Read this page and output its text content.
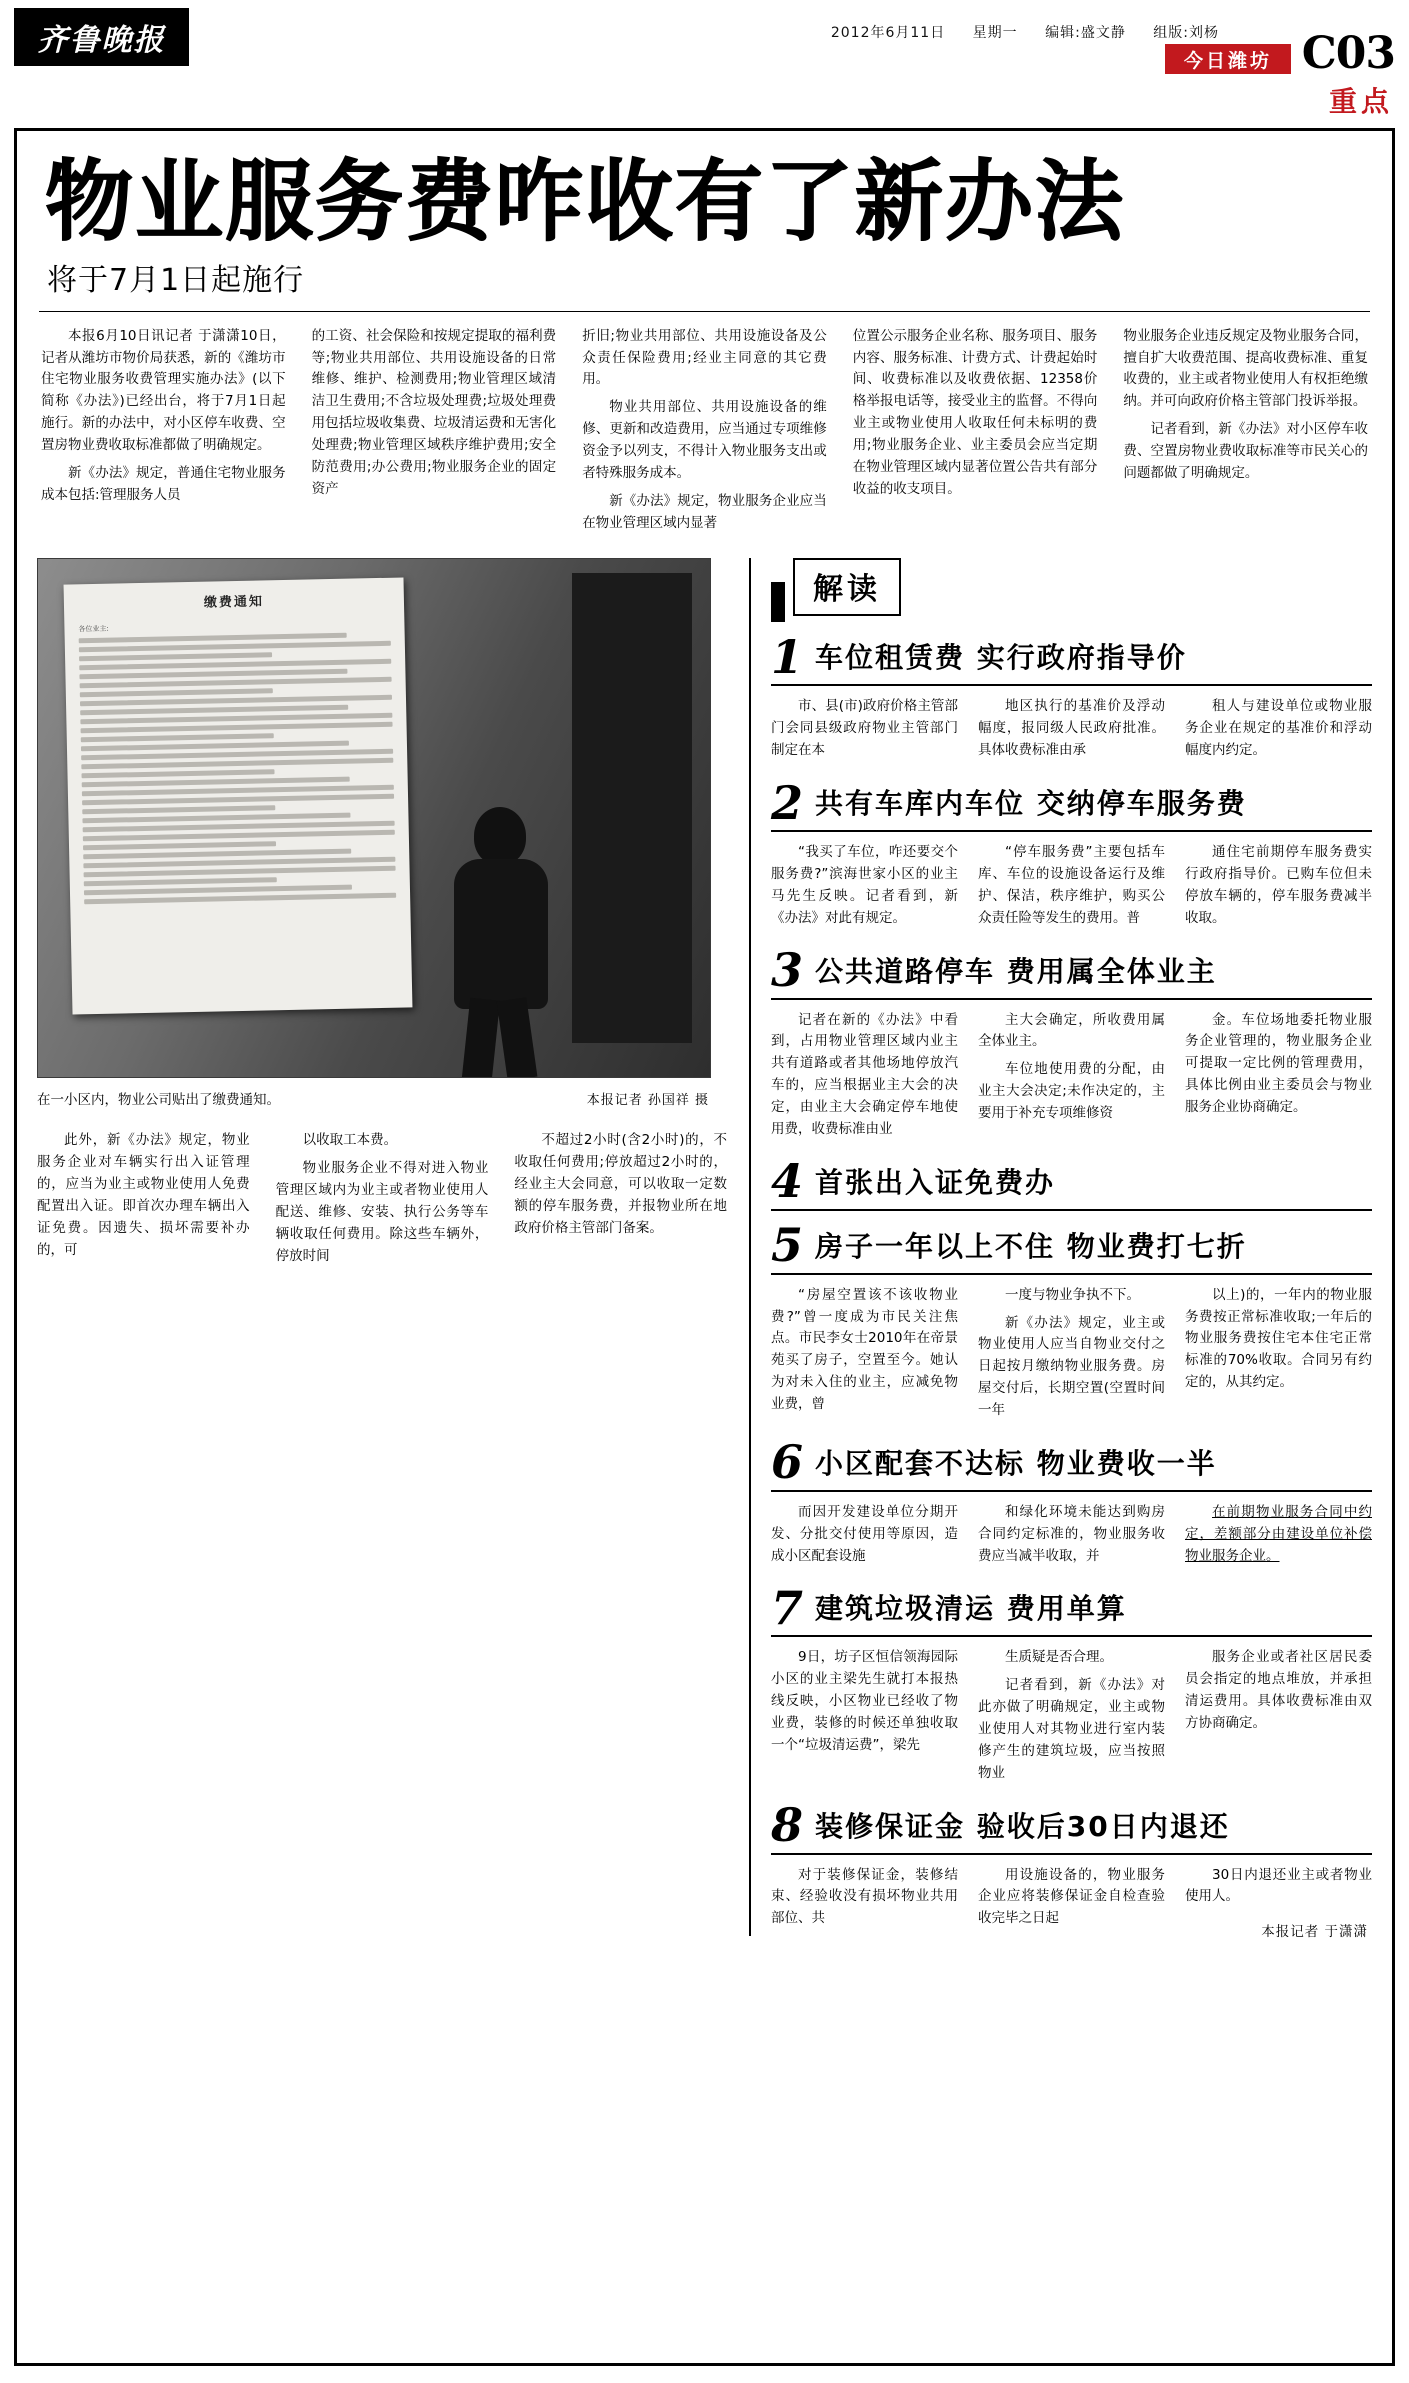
齐鲁晚报	2012年6月11日 星期一 编辑:盛文静 组版:刘杨
今日潍坊 C03
重点
物业服务费咋收有了新办法
将于7月1日起施行

本报6月10日讯记者 于潇潇10日，记者从潍坊市物价局获悉，新的《潍坊市住宅物业服务收费管理实施办法》(以下简称《办法》)已经出台，将于7月1日起施行。新的办法中，对小区停车收费、空置房物业费收取标准都做了明确规定。

新《办法》规定，普通住宅物业服务成本包括:管理服务人员

的工资、社会保险和按规定提取的福利费等;物业共用部位、共用设施设备的日常维修、维护、检测费用;物业管理区域清洁卫生费用;不含垃圾处理费;垃圾处理费用包括垃圾收集费、垃圾清运费和无害化处理费;物业管理区域秩序维护费用;安全防范费用;办公费用;物业服务企业的固定资产

折旧;物业共用部位、共用设施设备及公众责任保险费用;经业主同意的其它费用。

物业共用部位、共用设施设备的维修、更新和改造费用，应当通过专项维修资金予以列支，不得计入物业服务支出或者特殊服务成本。

新《办法》规定，物业服务企业应当在物业管理区域内显著

位置公示服务企业名称、服务项目、服务内容、服务标准、计费方式、计费起始时间、收费标准以及收费依据、12358价格举报电话等，接受业主的监督。不得向业主或物业使用人收取任何未标明的费用;物业服务企业、业主委员会应当定期在物业管理区域内显著位置公告共有部分收益的收支项目。

物业服务企业违反规定及物业服务合同，擅自扩大收费范围、提高收费标准、重复收费的，业主或者物业使用人有权拒绝缴纳。并可向政府价格主管部门投诉举报。

记者看到，新《办法》对小区停车收费、空置房物业费收取标准等市民关心的问题都做了明确规定。

缴费通知
各位业主:
在一小区内，物业公司贴出了缴费通知。	本报记者 孙国祥 摄

此外，新《办法》规定，物业服务企业对车辆实行出入证管理的，应当为业主或物业使用人免费配置出入证。即首次办理车辆出入证免费。因遗失、损坏需要补办的，可

以收取工本费。

物业服务企业不得对进入物业管理区域内为业主或者物业使用人配送、维修、安装、执行公务等车辆收取任何费用。除这些车辆外，停放时间

不超过2小时(含2小时)的，不收取任何费用;停放超过2小时的，经业主大会同意，可以收取一定数额的停车服务费，并报物业所在地政府价格主管部门备案。

解读
1 车位租赁费 实行政府指导价

市、县(市)政府价格主管部门会同县级政府物业主管部门制定在本

地区执行的基准价及浮动幅度，报同级人民政府批准。具体收费标准由承

租人与建设单位或物业服务企业在规定的基准价和浮动幅度内约定。

2 共有车库内车位 交纳停车服务费

“我买了车位，咋还要交个服务费?”滨海世家小区的业主马先生反映。记者看到，新《办法》对此有规定。

“停车服务费”主要包括车库、车位的设施设备运行及维护、保洁，秩序维护，购买公众责任险等发生的费用。普

通住宅前期停车服务费实行政府指导价。已购车位但未停放车辆的，停车服务费减半收取。

3 公共道路停车 费用属全体业主

记者在新的《办法》中看到，占用物业管理区域内业主共有道路或者其他场地停放汽车的，应当根据业主大会的决定，由业主大会确定停车地使用费，收费标准由业

主大会确定，所收费用属全体业主。

车位地使用费的分配，由业主大会决定;未作决定的，主要用于补充专项维修资

金。车位场地委托物业服务企业管理的，物业服务企业可提取一定比例的管理费用，具体比例由业主委员会与物业服务企业协商确定。

4 首张出入证免费办
5 房子一年以上不住 物业费打七折

“房屋空置该不该收物业费?”曾一度成为市民关注焦点。市民李女士2010年在帝景苑买了房子，空置至今。她认为对未入住的业主，应减免物业费，曾

一度与物业争执不下。

新《办法》规定，业主或物业使用人应当自物业交付之日起按月缴纳物业服务费。房屋交付后，长期空置(空置时间一年

以上)的，一年内的物业服务费按正常标准收取;一年后的物业服务费按住宅本住宅正常标准的70%收取。合同另有约定的，从其约定。

6 小区配套不达标 物业费收一半

而因开发建设单位分期开发、分批交付使用等原因，造成小区配套设施

和绿化环境未能达到购房合同约定标准的，物业服务收费应当减半收取，并

在前期物业服务合同中约定，差额部分由建设单位补偿物业服务企业。

7 建筑垃圾清运 费用单算

9日，坊子区恒信领海园际小区的业主梁先生就打本报热线反映，小区物业已经收了物业费，装修的时候还单独收取一个“垃圾清运费”，梁先

生质疑是否合理。

记者看到，新《办法》对此亦做了明确规定，业主或物业使用人对其物业进行室内装修产生的建筑垃圾，应当按照物业

服务企业或者社区居民委员会指定的地点堆放，并承担清运费用。具体收费标准由双方协商确定。

8 装修保证金 验收后30日内退还

对于装修保证金，装修结束、经验收没有损坏物业共用部位、共

用设施设备的，物业服务企业应将装修保证金自检查验收完毕之日起

30日内退还业主或者物业使用人。

本报记者 于潇潇
